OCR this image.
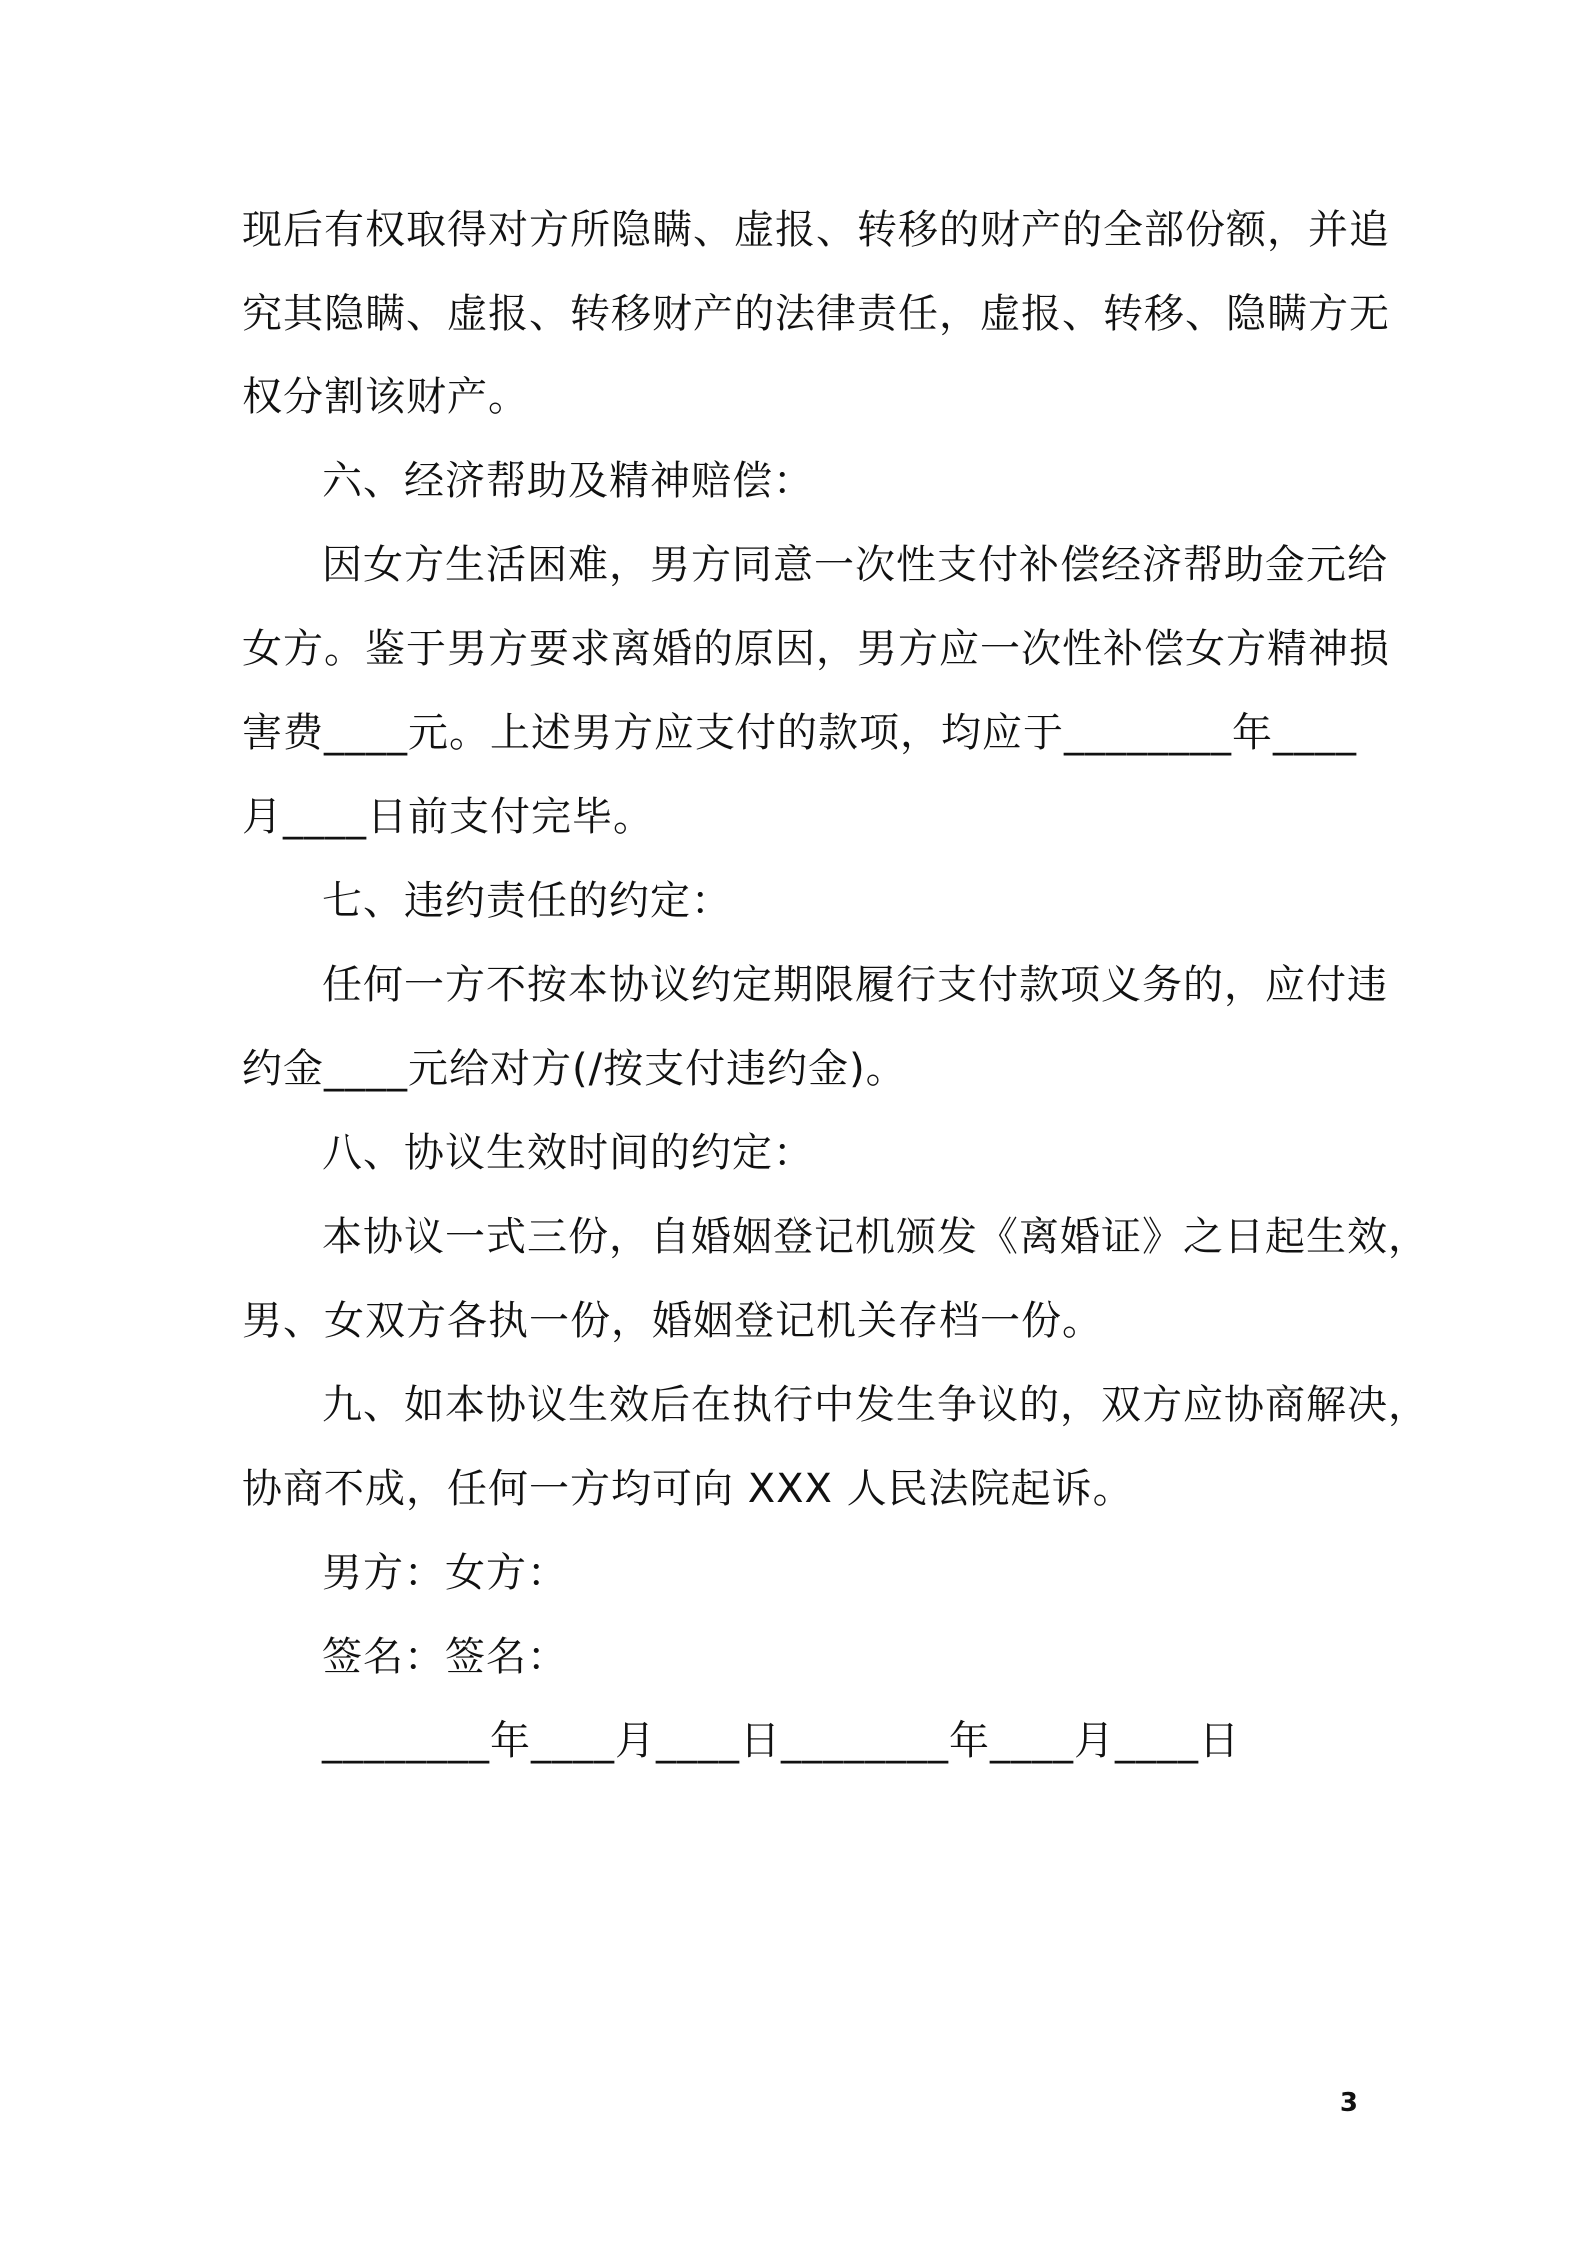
现后有权取得对方所隐瞒、虚报、转移的财产的全部份额，并追
究其隐瞒、虚报、转移财产的法律责任，虚报、转移、隐瞒方无
权分割该财产。
六、经济帮助及精神赔偿：
因女方生活困难，男方同意一次性支付补偿经济帮助金元给
女方。鉴于男方要求离婚的原因，男方应一次性补偿女方精神损
害费____元。上述男方应支付的款项，均应于________年____
月____日前支付完毕。
七、违约责任的约定：
任何一方不按本协议约定期限履行支付款项义务的，应付违
约金____元给对方(/按支付违约金)。
八、协议生效时间的约定：
本协议一式三份，自婚姻登记机颁发《离婚证》之日起生效，
男、女双方各执一份，婚姻登记机关存档一份。
九、如本协议生效后在执行中发生争议的，双方应协商解决，
协商不成，任何一方均可向 XXX 人民法院起诉。
男方：女方：
签名：签名：
________年____月____日________年____月____日
3
